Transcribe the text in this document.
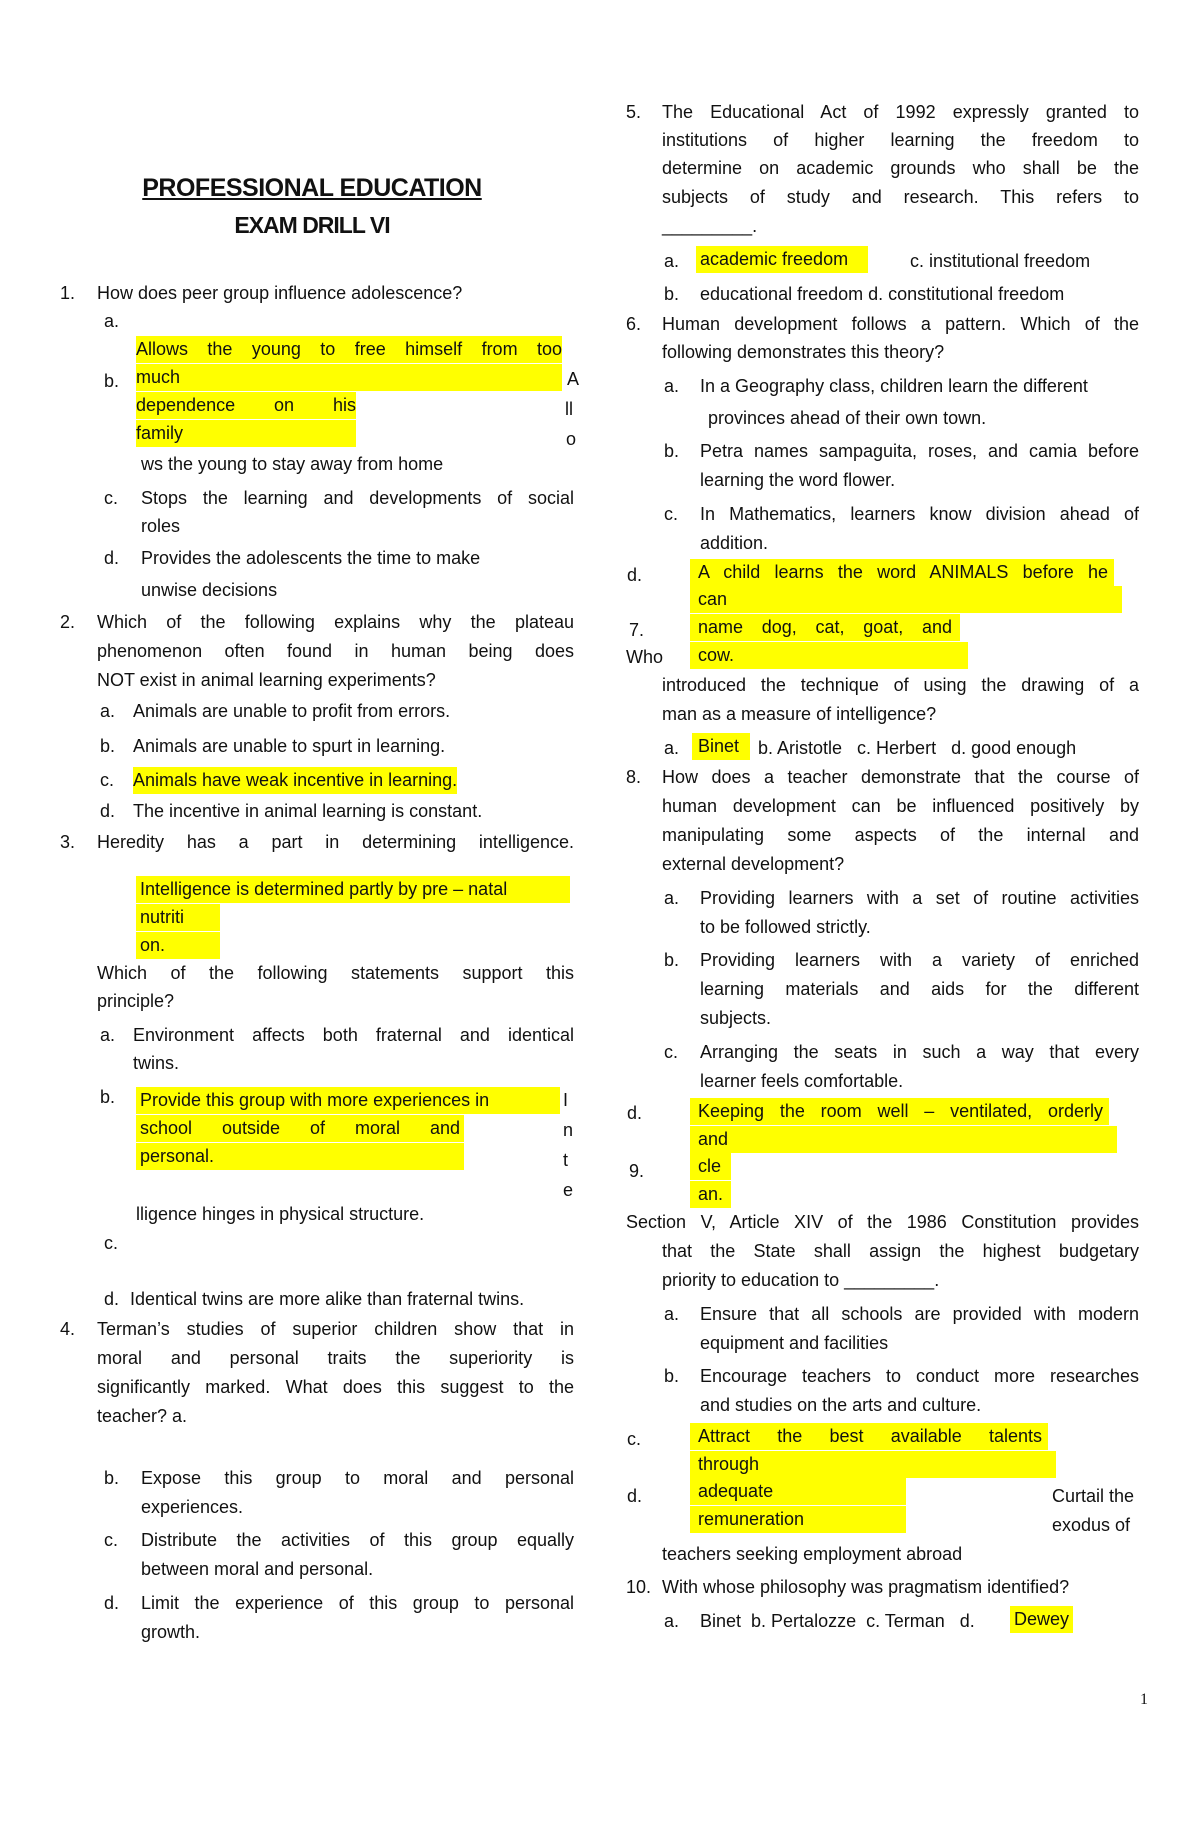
PROFESSIONAL EDUCATION
EXAM DRILL VI
1. How does peer group influence adolescence?
a.
b.
Allows the young to free himself from too
much
dependence on his
family
A
ll
o
ws the young to stay away from home
c. Stops the learning and developments of social
roles
d. Provides the adolescents the time to make
unwise decisions
2. Which of the following explains why the plateau
phenomenon often found in human being does
NOT exist in animal learning experiments?
a. Animals are unable to profit from errors.
b. Animals are unable to spurt in learning.
c. Animals have weak incentive in learning.
d. The incentive in animal learning is constant.
3. Heredity has a part in determining intelligence.
Intelligence is determined partly by pre – natal
nutriti
on.
Which of the following statements support this
principle?
a. Environment affects both fraternal and identical
twins.
b. Provide this group with more experiences in
school outside of moral and
personal.
I
n
t
e
lligence hinges in physical structure.
c.
d. Identical twins are more alike than fraternal twins.
4. Terman’s studies of superior children show that in
moral and personal traits the superiority is
significantly marked. What does this suggest to the
teacher? a.
b. Expose this group to moral and personal
experiences.
c. Distribute the activities of this group equally
between moral and personal.
d. Limit the experience of this group to personal
growth.
5. The Educational Act of 1992 expressly granted to
institutions of higher learning the freedom to
determine on academic grounds who shall be the
subjects of study and research. This refers to
_________.
a. academic freedom	c. institutional freedom
b. educational freedom d. constitutional freedom
6. Human development follows a pattern. Which of the
following demonstrates this theory?
a. In a Geography class, children learn the different
provinces ahead of their own town.
b. Petra names sampaguita, roses, and camia before
learning the word flower.
c. In Mathematics, learners know division ahead of
addition.
d.	A child learns the word ANIMALS before he
can
name dog, cat, goat, and
cow.
7.
Who
introduced the technique of using the drawing of a
man as a measure of intelligence?
a.	Binet	b. Aristotle   c. Herbert   d. good enough
8. How does a teacher demonstrate that the course of
human development can be influenced positively by
manipulating some aspects of the internal and
external development?
a. Providing learners with a set of routine activities
to be followed strictly.
b. Providing learners with a variety of enriched
learning materials and aids for the different
subjects.
c. Arranging the seats in such a way that every
learner feels comfortable.
d.	Keeping the room well – ventilated, orderly
and
cle
an.
9.
Section V, Article XIV of the 1986 Constitution provides
that the State shall assign the highest budgetary
priority to education to _________.
a. Ensure that all schools are provided with modern
equipment and facilities
b. Encourage teachers to conduct more researches
and studies on the arts and culture.
c.	Attract the best available talents
through
d.	adequate
remuneration
Curtail the
exodus of
teachers seeking employment abroad
10. With whose philosophy was pragmatism identified?
a. Binet  b. Pertalozze  c. Terman   d. Dewey
1
